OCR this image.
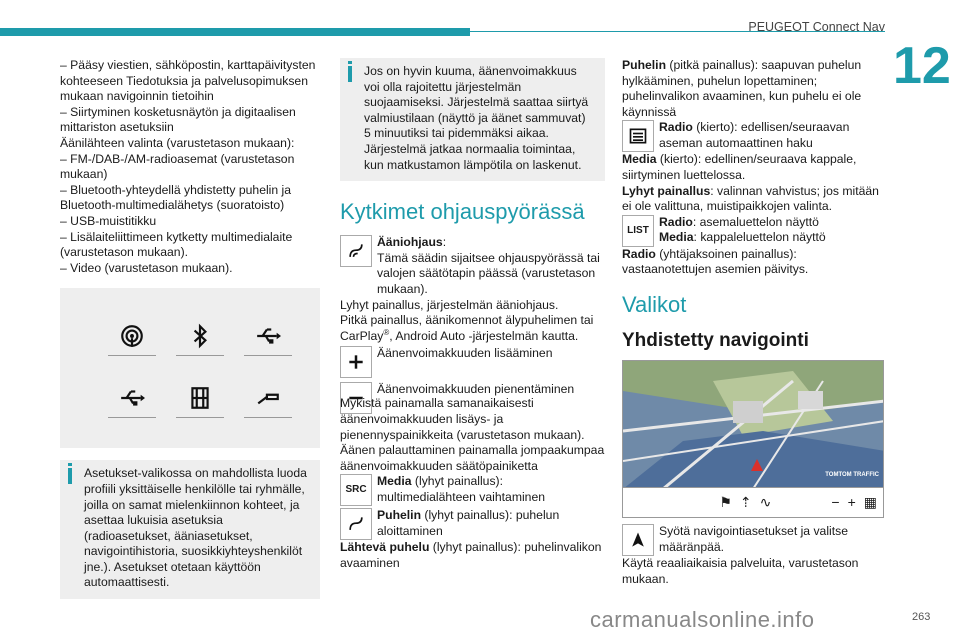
PEUGEOT Connect Nav
12

– Pääsy viestien, sähköpostin, karttapäivitysten kohteeseen Tiedotuksia ja palvelusopimuksen mukaan navigoinnin tietoihin

– Siirtyminen kosketusnäytön ja digitaalisen mittariston asetuksiin

Äänilähteen valinta (varustetason mukaan):

– FM-/DAB-/AM-radioasemat (varustetason mukaan)

– Bluetooth-yhteydellä yhdistetty puhelin ja Bluetooth-multimedialähetys (suoratoisto)

– USB-muistitikku

– Lisälaiteliittimeen kytketty multimedialaite (varustetason mukaan).

– Video (varustetason mukaan).

Asetukset-valikossa on mahdollista luoda profiili yksittäiselle henkilölle tai ryhmälle, joilla on samat mielenkiinnon kohteet, ja asettaa lukuisia asetuksia (radioasetukset, ääniasetukset, navigointihistoria, suosikkiyhteyshenkilöt jne.). Asetukset otetaan käyttöön automaattisesti.

Jos on hyvin kuuma, äänenvoimakkuus voi olla rajoitettu järjestelmän suojaamiseksi. Järjestelmä saattaa siirtyä valmiustilaan (näyttö ja äänet sammuvat) 5 minuutiksi tai pidemmäksi aikaa. Järjestelmä jatkaa normaalia toimintaa, kun matkustamon lämpötila on laskenut.

Kytkimet ohjauspyörässä
Ääniohjaus:
Tämä säädin sijaitsee ohjauspyörässä tai valojen säätötapin päässä (varustetason mukaan).

Lyhyt painallus, järjestelmän ääniohjaus.

Pitkä painallus, äänikomennot älypuhelimen tai CarPlay®, Android Auto -järjestelmän kautta.

Äänenvoimakkuuden lisääminen
Äänenvoimakkuuden pienentäminen

Mykistä painamalla samanaikaisesti äänenvoimakkuuden lisäys- ja pienennyspainikkeita (varustetason mukaan). Äänen palauttaminen painamalla jompaakumpaa äänenvoimakkuuden säätöpainiketta

SRC
Media (lyhyt painallus): multimedialähteen vaihtaminen
Puhelin (lyhyt painallus): puhelun aloittaminen

Lähtevä puhelu (lyhyt painallus): puhelinvalikon avaaminen

Puhelin (pitkä painallus): saapuvan puhelun hylkääminen, puhelun lopettaminen; puhelinvalikon avaaminen, kun puhelu ei ole käynnissä

Radio (kierto): edellisen/seuraavan aseman automaattinen haku

Media (kierto): edellinen/seuraava kappale, siirtyminen luettelossa.

Lyhyt painallus: valinnan vahvistus; jos mitään ei ole valittuna, muistipaikkojen valinta.

LIST
Radio: asemaluettelon näyttö
Media: kappaleluettelon näyttö

Radio (yhtäjaksoinen painallus): vastaanotettujen asemien päivitys.

Valikot
Yhdistetty navigointi
TOMTOM TRAFFIC
⚑ ⇡ ∿	− + ▦
Syötä navigointiasetukset ja valitse määränpää.

Käytä reaaliaikaisia palveluita, varustetason mukaan.

263
carmanualsonline.info
